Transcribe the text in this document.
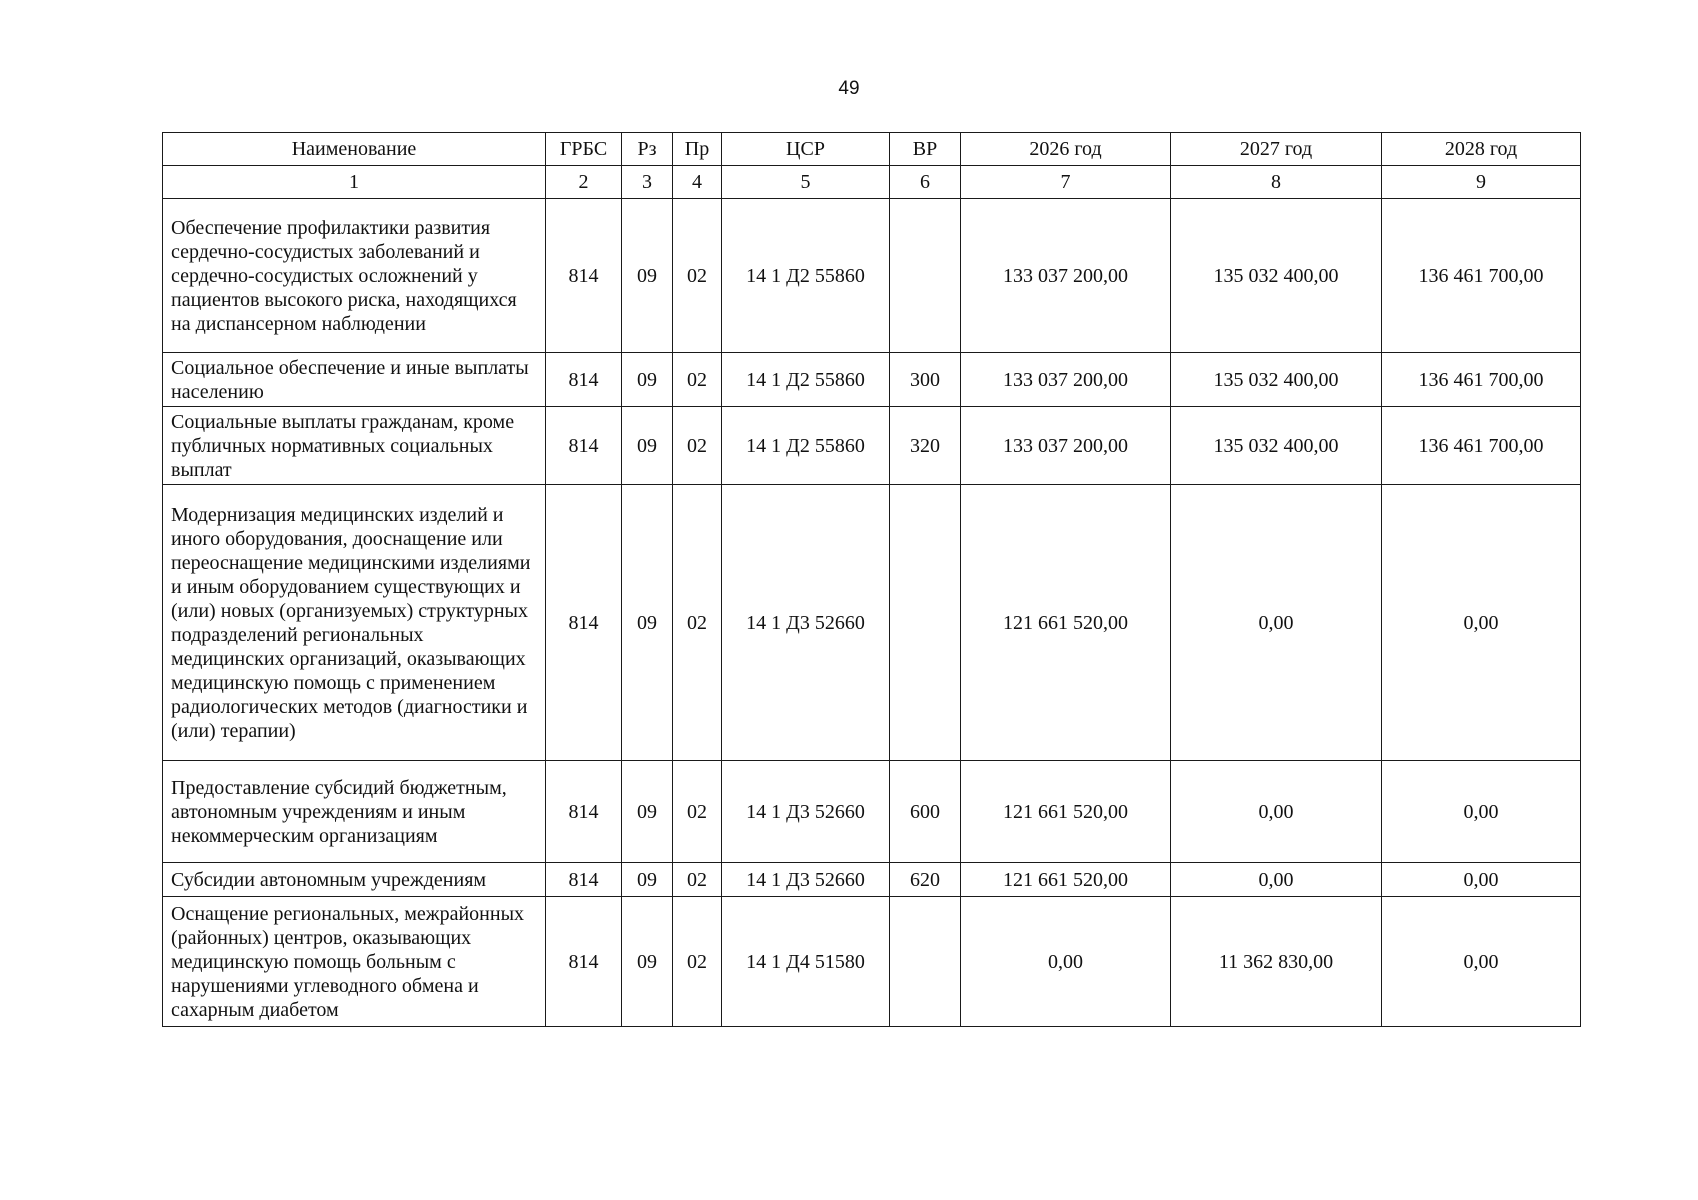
49
Наименование	ГРБС	Рз	Пр	ЦСР	ВР	2026 год	2027 год	2028 год
1	2	3	4	5	6	7	8	9
Обеспечение профилактики развития сердечно-сосудистых заболеваний и сердечно-сосудистых осложнений у пациентов высокого риска, находящихся на диспансерном наблюдении	814	09	02	14 1 Д2 55860		133 037 200,00	135 032 400,00	136 461 700,00
Социальное обеспечение и иные выплаты населению	814	09	02	14 1 Д2 55860	300	133 037 200,00	135 032 400,00	136 461 700,00
Социальные выплаты гражданам, кроме публичных нормативных социальных выплат	814	09	02	14 1 Д2 55860	320	133 037 200,00	135 032 400,00	136 461 700,00
Модернизация медицинских изделий и иного оборудования, дооснащение или переоснащение медицинскими изделиями и иным оборудованием существующих и (или) новых (организуемых) структурных подразделений региональных медицинских организаций, оказывающих медицинскую помощь с применением радиологических методов (диагностики и (или) терапии)	814	09	02	14 1 Д3 52660		121 661 520,00	0,00	0,00
Предоставление субсидий бюджетным, автономным учреждениям и иным некоммерческим организациям	814	09	02	14 1 Д3 52660	600	121 661 520,00	0,00	0,00
Субсидии автономным учреждениям	814	09	02	14 1 Д3 52660	620	121 661 520,00	0,00	0,00
Оснащение региональных, межрайонных (районных) центров, оказывающих медицинскую помощь больным с нарушениями углеводного обмена и сахарным диабетом	814	09	02	14 1 Д4 51580		0,00	11 362 830,00	0,00
